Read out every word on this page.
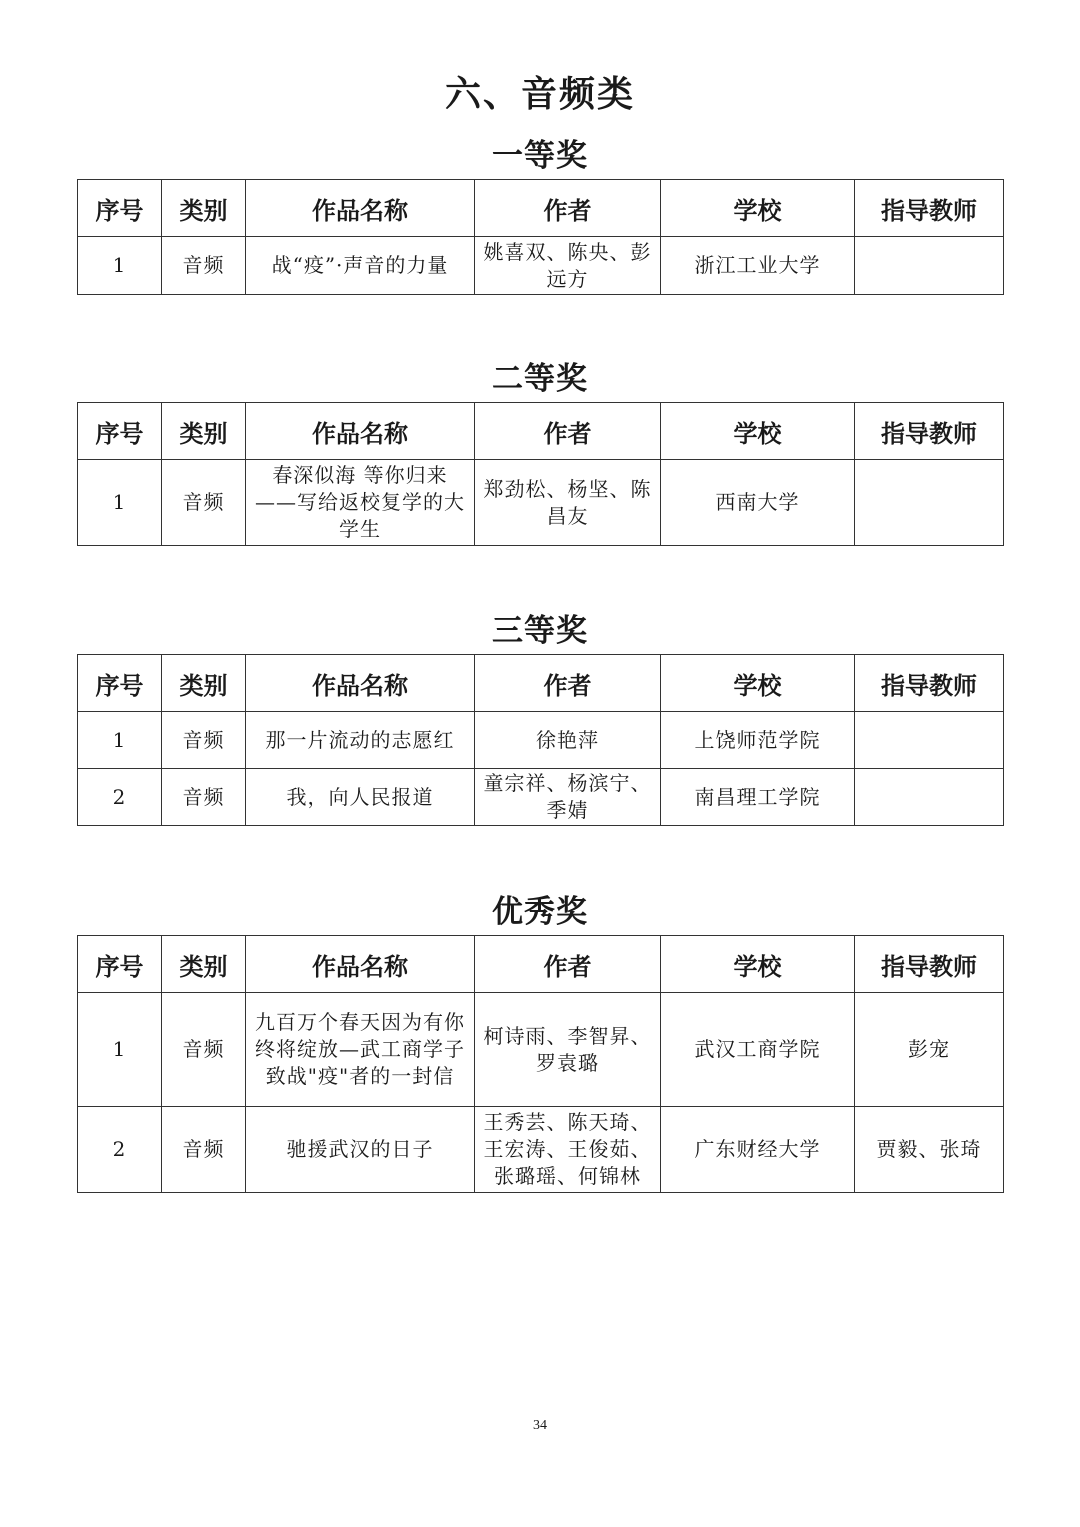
六、音频类
一等奖
序号	类别	作品名称	作者	学校	指导教师
1	音频	战“疫”·声音的力量	姚喜双、陈央、彭远方	浙江工业大学	
二等奖
序号	类别	作品名称	作者	学校	指导教师
1	音频	春深似海 等你归来——写给返校复学的大学生	郑劲松、杨坚、陈昌友	西南大学	
三等奖
序号	类别	作品名称	作者	学校	指导教师
1	音频	那一片流动的志愿红	徐艳萍	上饶师范学院	
2	音频	我，向人民报道	童宗祥、杨滨宁、季婧	南昌理工学院	
优秀奖
序号	类别	作品名称	作者	学校	指导教师
1	音频	九百万个春天因为有你终将绽放—武工商学子致战"疫"者的一封信	柯诗雨、李智昇、罗袁璐	武汉工商学院	彭宠
2	音频	驰援武汉的日子	王秀芸、陈天琦、王宏涛、王俊茹、张璐瑶、何锦林	广东财经大学	贾毅、张琦
34
